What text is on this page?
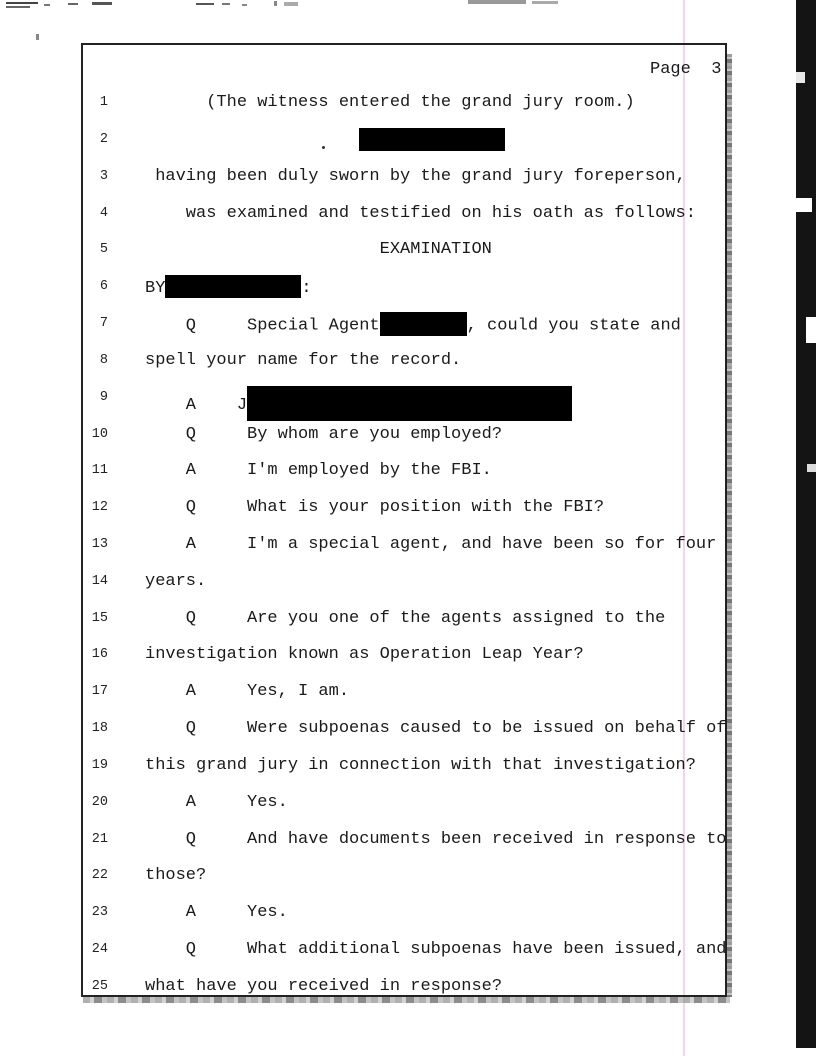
Page  3
1 (The witness entered the grand jury room.)
2

3 having been duly sworn by the grand jury foreperson,
4 was examined and testified on his oath as follows:
5 EXAMINATION
6 BY	:
7 Q     Special Agent	, could you state and
8 spell your name for the record.
9 A    J
10 Q     By whom are you employed?
11 A     I'm employed by the FBI.
12 Q     What is your position with the FBI?
13 A     I'm a special agent, and have been so for four
14 years.
15 Q     Are you one of the agents assigned to the
16 investigation known as Operation Leap Year?
17 A     Yes, I am.
18 Q     Were subpoenas caused to be issued on behalf of
19 this grand jury in connection with that investigation?
20 A     Yes.
21 Q     And have documents been received in response to
22 those?
23 A     Yes.
24 Q     What additional subpoenas have been issued, and
25 what have you received in response?
